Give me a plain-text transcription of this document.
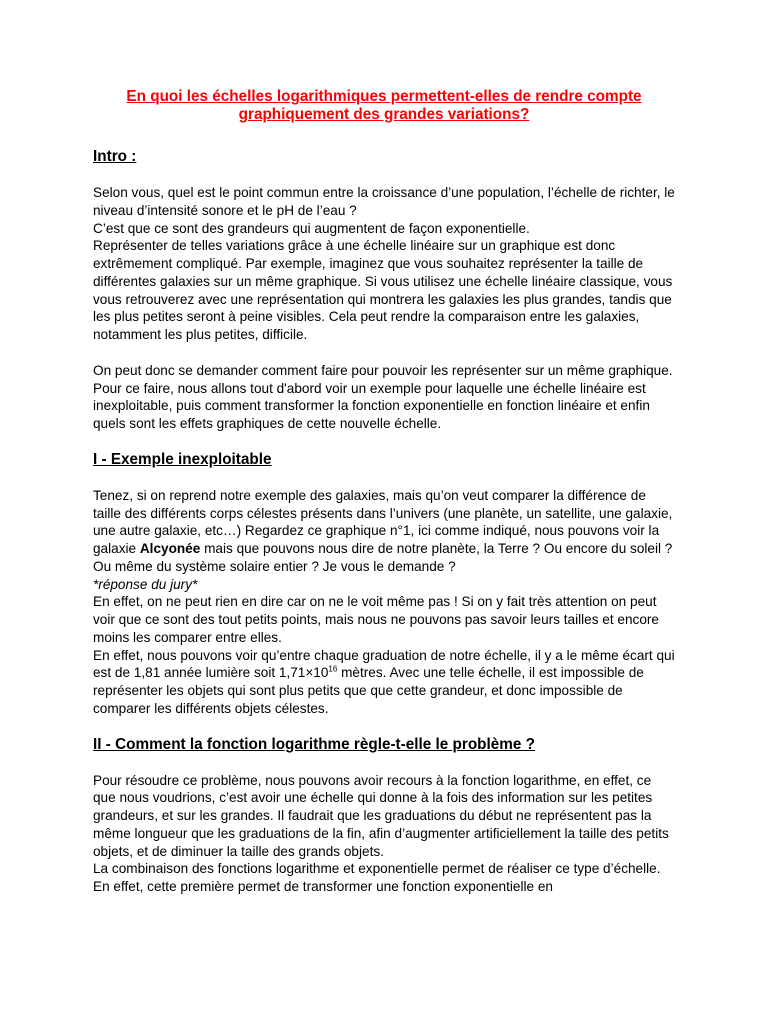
En quoi les échelles logarithmiques permettent-elles de rendre compte graphiquement des grandes variations?
Intro :

Selon vous, quel est le point commun entre la croissance d’une population, l’échelle de richter, le niveau d’intensité sonore et le pH de l’eau ?

C’est que ce sont des grandeurs qui augmentent de façon exponentielle.

Représenter de telles variations grâce à une échelle linéaire sur un graphique est donc extrêmement compliqué. Par exemple, imaginez que vous souhaitez représenter la taille de différentes galaxies sur un même graphique. Si vous utilisez une échelle linéaire classique, vous vous retrouverez avec une représentation qui montrera les galaxies les plus grandes, tandis que les plus petites seront à peine visibles. Cela peut rendre la comparaison entre les galaxies, notamment les plus petites, difficile.

On peut donc se demander comment faire pour pouvoir les représenter sur un même graphique.

Pour ce faire, nous allons tout d'abord voir un exemple pour laquelle une échelle linéaire est inexploitable, puis comment transformer la fonction exponentielle en fonction linéaire et enfin quels sont les effets graphiques de cette nouvelle échelle.

I - Exemple inexploitable

Tenez, si on reprend notre exemple des galaxies, mais qu’on veut comparer la différence de taille des différents corps célestes présents dans l’univers (une planète, un satellite, une galaxie, une autre galaxie, etc…) Regardez ce graphique n°1, ici comme indiqué, nous pouvons voir la galaxie Alcyonée mais que pouvons nous dire de notre planète, la Terre ? Ou encore du soleil ? Ou même du système solaire entier ? Je vous le demande ?

*réponse du jury*

En effet, on ne peut rien en dire car on ne le voit même pas ! Si on y fait très attention on peut voir que ce sont des tout petits points, mais nous ne pouvons pas savoir leurs tailles et encore moins les comparer entre elles.

En effet, nous pouvons voir qu’entre chaque graduation de notre échelle, il y a le même écart qui est de 1,81 année lumière soit $1,71\times 10^{16}$ mètres. Avec une telle échelle, il est impossible de représenter les objets qui sont plus petits que que cette grandeur, et donc impossible de comparer les différents objets célestes.

II - Comment la fonction logarithme règle-t-elle le problème ?

Pour résoudre ce problème, nous pouvons avoir recours à la fonction logarithme, en effet, ce que nous voudrions, c’est avoir une échelle qui donne à la fois des information sur les petites grandeurs, et sur les grandes. Il faudrait que les graduations du début ne représentent pas la même longueur que les graduations de la fin, afin d’augmenter artificiellement la taille des petits objets, et de diminuer la taille des grands objets.

La combinaison des fonctions logarithme et exponentielle permet de réaliser ce type d’échelle. En effet, cette première permet de transformer une fonction exponentielle en
